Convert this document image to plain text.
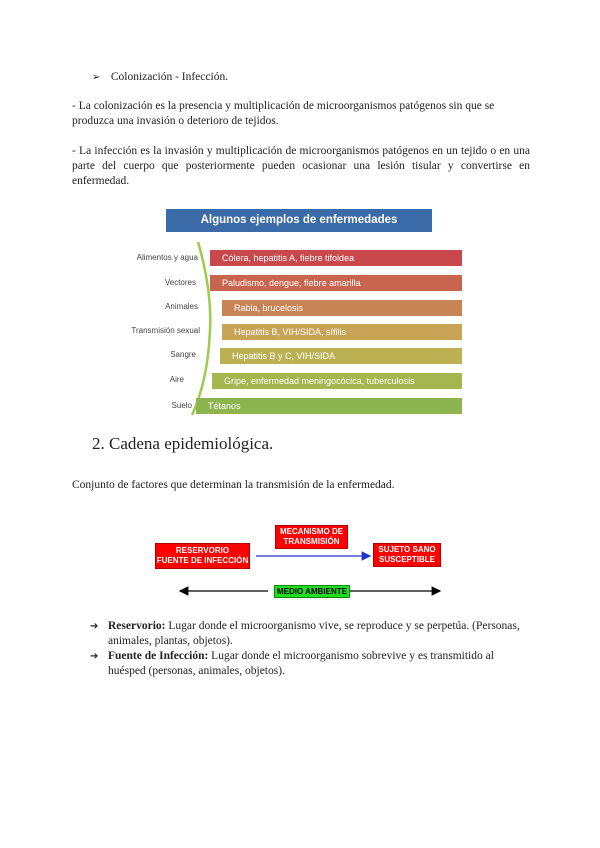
➢ Colonización - Infección.
- La colonización es la presencia y multiplicación de microorganismos patógenos sin que se produzca una invasión o deterioro de tejidos.
- La infección es la invasión y multiplicación de microorganismos patógenos en un tejido o en una parte del cuerpo que posteriormente pueden ocasionar una lesión tisular y convertirse en enfermedad.
Algunos ejemplos de enfermedades transmisibles
Alimentos y agua	Cólera, hepatitis A, fiebre tifoidea
Vectores	Paludismo, dengue, fiebre amarilla
Animales	Rabia, brucelosis
Transmisión sexual	Hepatitis B, VIH/SIDA, sífilis
Sangre	Hepatitis B y C, VIH/SIDA
Aire	Gripe, enfermedad meningocócica, tuberculosis
Suelo	Tétanos
2. Cadena epidemiológica.
Conjunto de factores que determinan la transmisión de la enfermedad.
RESERVORIO
FUENTE DE INFECCIÓN
MECANISMO DE
TRANSMISIÓN
SUJETO SANO
SUSCEPTIBLE
MEDIO AMBIENTE
➔ Reservorio: Lugar donde el microorganismo vive, se reproduce y se perpetúa. (Personas, animales, plantas, objetos).
➔ Fuente de Infección: Lugar donde el microorganismo sobrevive y es transmitido al huésped (personas, animales, objetos).
